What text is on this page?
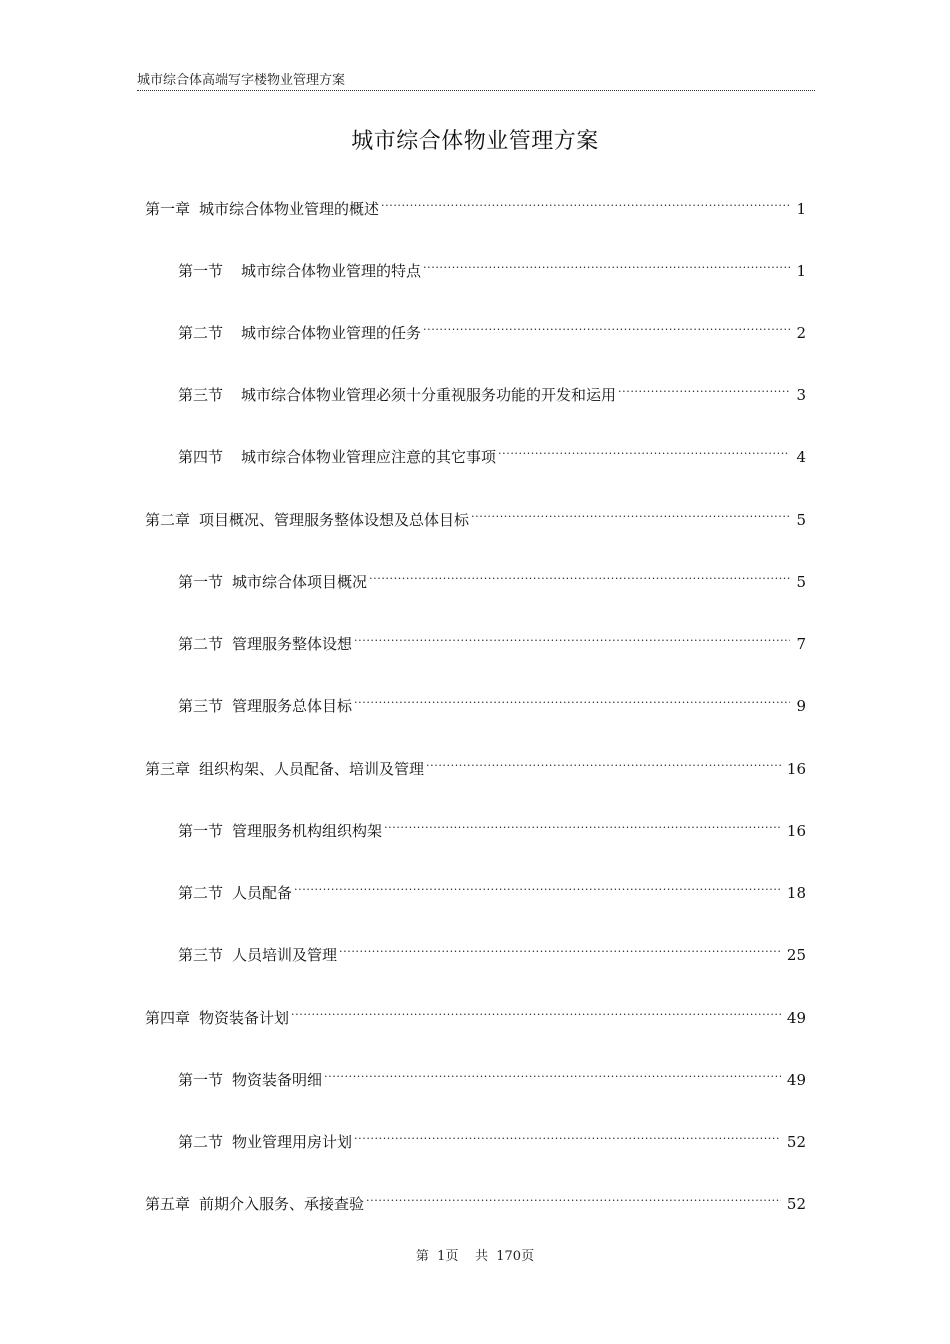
城市综合体高端写字楼物业管理方案
城市综合体物业管理方案
第一章 城市综合体物业管理的概述 .....	1
第一节 城市综合体物业管理的特点 .....	1
第二节 城市综合体物业管理的任务 .....	2
第三节 城市综合体物业管理必须十分重视服务功能的开发和运用 .....	3
第四节 城市综合体物业管理应注意的其它事项 .....	4
第二章 项目概况、管理服务整体设想及总体目标 .....	5
第一节 城市综合体项目概况 .....	5
第二节 管理服务整体设想 .....	7
第三节 管理服务总体目标 .....	9
第三章 组织构架、人员配备、培训及管理 .....	16
第一节 管理服务机构组织构架 .....	16
第二节 人员配备 .....	18
第三节 人员培训及管理 .....	25
第四章 物资装备计划 .....	49
第一节 物资装备明细 .....	49
第二节 物业管理用房计划 .....	52
第五章 前期介入服务、承接查验 .....	52
第  1页    共  170页
